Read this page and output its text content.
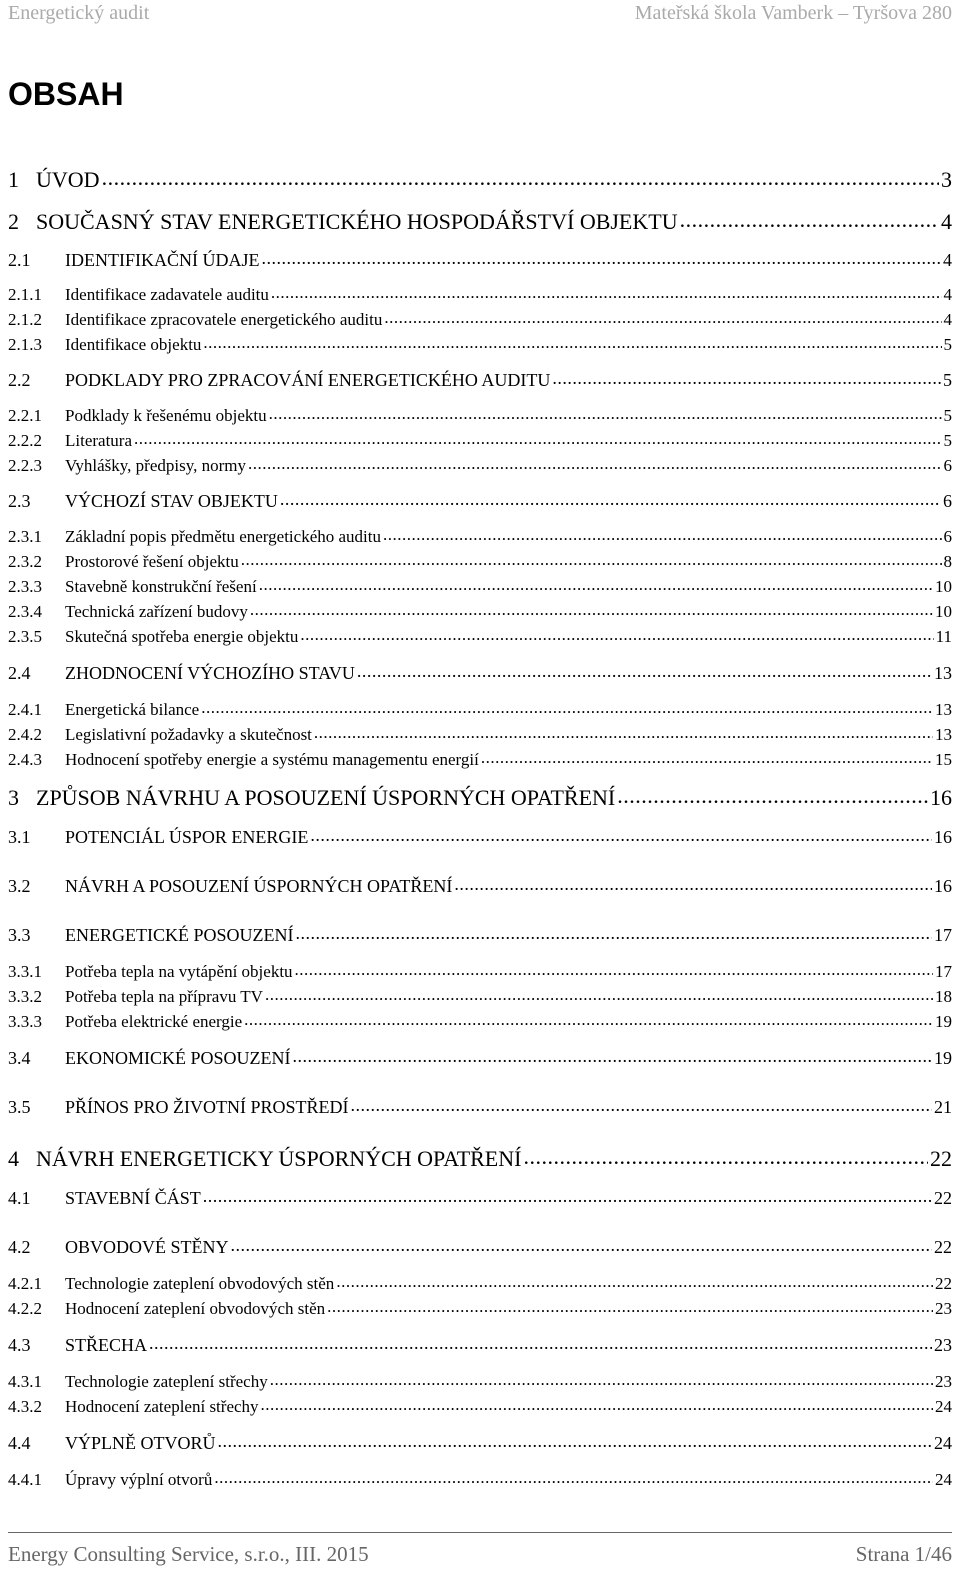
Energetický audit	Mateřská škola Vamberk – Tyršova 280
OBSAH
1 ÚVOD .....	3
2 SOUČASNÝ STAV ENERGETICKÉHO HOSPODÁŘSTVÍ OBJEKTU .....	4
2.1	IDENTIFIKAČNÍ ÚDAJE .....	4
2.1.1	Identifikace zadavatele auditu .....	4
2.1.2	Identifikace zpracovatele energetického auditu .....	4
2.1.3	Identifikace objektu .....	5
2.2	PODKLADY PRO ZPRACOVÁNÍ ENERGETICKÉHO AUDITU .....	5
2.2.1	Podklady k řešenému objektu .....	5
2.2.2	Literatura .....	5
2.2.3	Vyhlášky, předpisy, normy .....	6
2.3	VÝCHOZÍ STAV OBJEKTU .....	6
2.3.1	Základní popis předmětu energetického auditu .....	6
2.3.2	Prostorové řešení objektu .....	8
2.3.3	Stavebně konstrukční řešení .....	10
2.3.4	Technická zařízení budovy .....	10
2.3.5	Skutečná spotřeba energie objektu .....	11
2.4	ZHODNOCENÍ VÝCHOZÍHO STAVU .....	13
2.4.1	Energetická bilance .....	13
2.4.2	Legislativní požadavky a skutečnost .....	13
2.4.3	Hodnocení spotřeby energie a systému managementu energií .....	15
3 ZPŮSOB NÁVRHU A POSOUZENÍ ÚSPORNÝCH OPATŘENÍ .....	16
3.1	POTENCIÁL ÚSPOR ENERGIE .....	16
3.2	NÁVRH A POSOUZENÍ ÚSPORNÝCH OPATŘENÍ .....	16
3.3	ENERGETICKÉ POSOUZENÍ .....	17
3.3.1	Potřeba tepla na vytápění objektu .....	17
3.3.2	Potřeba tepla na přípravu TV .....	18
3.3.3	Potřeba elektrické energie .....	19
3.4	EKONOMICKÉ POSOUZENÍ .....	19
3.5	PŘÍNOS PRO ŽIVOTNÍ PROSTŘEDÍ .....	21
4 NÁVRH ENERGETICKY ÚSPORNÝCH OPATŘENÍ .....	22
4.1	STAVEBNÍ ČÁST .....	22
4.2	OBVODOVÉ STĚNY .....	22
4.2.1	Technologie zateplení obvodových stěn .....	22
4.2.2	Hodnocení zateplení obvodových stěn .....	23
4.3	STŘECHA .....	23
4.3.1	Technologie zateplení střechy .....	23
4.3.2	Hodnocení zateplení střechy .....	24
4.4	VÝPLNĚ OTVORŮ .....	24
4.4.1	Úpravy výplní otvorů .....	24
Energy Consulting Service, s.r.o., III. 2015	Strana 1/46
